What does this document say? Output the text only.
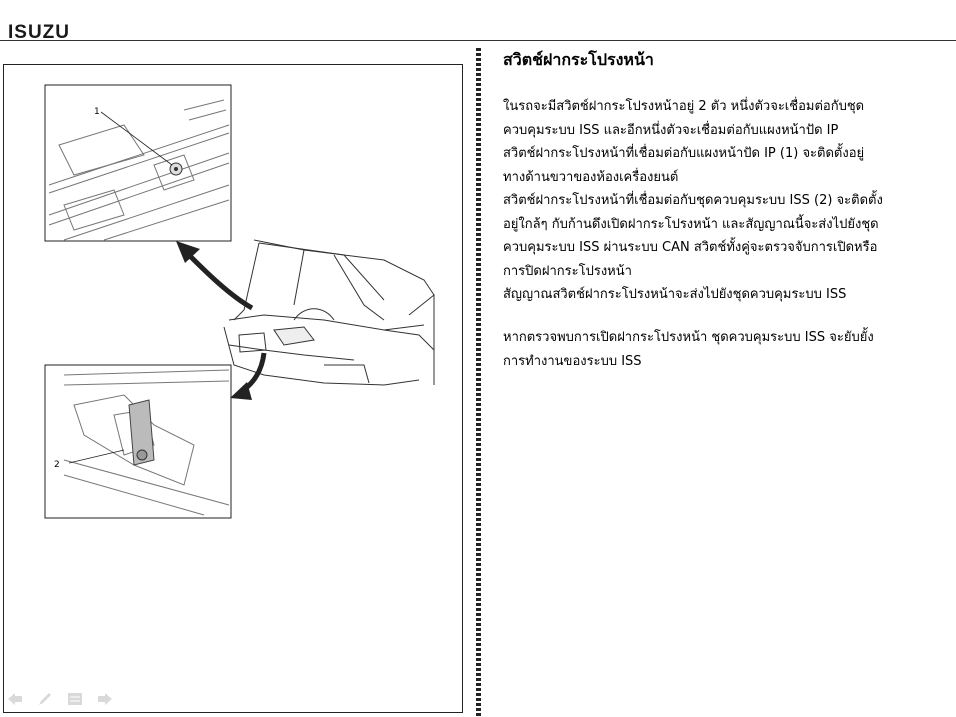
ISUZU
1
2
สวิตช์ฝากระโปรงหน้า
ในรถจะมีสวิตช์ฝากระโปรงหน้าอยู่ 2 ตัว หนึ่งตัวจะเชื่อมต่อกับชุด
ควบคุมระบบ ISS และอีกหนึ่งตัวจะเชื่อมต่อกับแผงหน้าปัด IP
สวิตช์ฝากระโปรงหน้าที่เชื่อมต่อกับแผงหน้าปัด IP (1) จะติดตั้งอยู่
ทางด้านขวาของห้องเครื่องยนต์
สวิตช์ฝากระโปรงหน้าที่เชื่อมต่อกับชุดควบคุมระบบ ISS (2) จะติดตั้ง
อยู่ใกล้ๆ กับก้านดึงเปิดฝากระโปรงหน้า และสัญญาณนี้จะส่งไปยังชุด
ควบคุมระบบ ISS ผ่านระบบ CAN สวิตช์ทั้งคู่จะตรวจจับการเปิดหรือ
การปิดฝากระโปรงหน้า
สัญญาณสวิตช์ฝากระโปรงหน้าจะส่งไปยังชุดควบคุมระบบ ISS
หากตรวจพบการเปิดฝากระโปรงหน้า ชุดควบคุมระบบ ISS จะยับยั้ง
การทำงานของระบบ ISS
